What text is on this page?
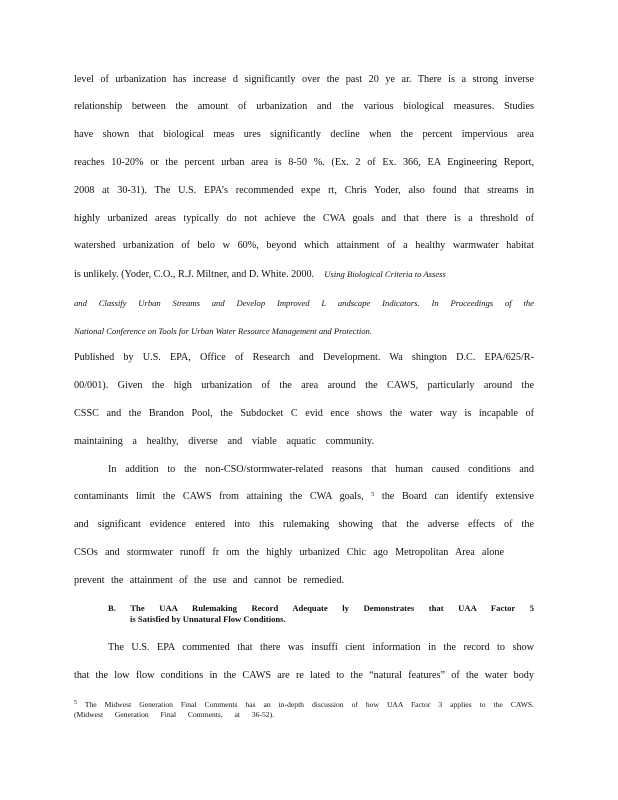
level of urbanization has increase d significantly over the past 20 ye ar. There is a strong inverse
relationship between the amount of urbanization and the various biological measures. Studies
have shown that biological meas ures significantly decline when the percent impervious area
reaches 10-20% or the percent urban area is 8-50 %. (Ex. 2 of Ex. 366, EA Engineering Report,
2008 at 30-31). The U.S. EPA’s recommended expe rt, Chris Yoder, also found that streams in
highly urbanized areas typically do not achieve the CWA goals and that there is a threshold of
watershed urbanization of belo w 60%, beyond which attainment of a healthy warmwater habitat
is unlikely. (Yoder, C.O., R.J. Miltner, and D. White. 2000. Using Biological Criteria to Assess
and Classify Urban Streams and Develop Improved L andscape Indicators. In Proceedings of the
National Conference on Tools for Urban Water Resource Management and Protection.
Published by U.S. EPA, Office of Research and Development. Wa shington D.C. EPA/625/R-
00/001). Given the high urbanization of the area around the CAWS, particularly around the
CSSC and the Brandon Pool, the Subdocket C evid ence shows the water way is incapable of
maintaining a healthy, diverse and viable aquatic community.
In addition to the non-CSO/stormwater-related reasons that human caused conditions and
contaminants limit the CAWS from attaining the CWA goals, $^5$ the Board can identify extensive
and significant evidence entered into this rulemaking showing that the adverse effects of the
CSOs and stormwater runoff fr om the highly urbanized Chic ago Metropolitan Area alone
prevent the attainment of the use and cannot be remedied.
B. The UAA Rulemaking Record Adequate ly Demonstrates that UAA Factor 5
is Satisfied by Unnatural Flow Conditions.
The U.S. EPA commented that there was insuffi cient information in the record to show
that the low flow conditions in the CAWS are re lated to the “natural features” of the water body
$^5$ The Midwest Generation Final Comments has an in-depth discussion of how UAA Factor 3 applies to the CAWS.
(Midwest Generation Final Comments, at 36-52).
